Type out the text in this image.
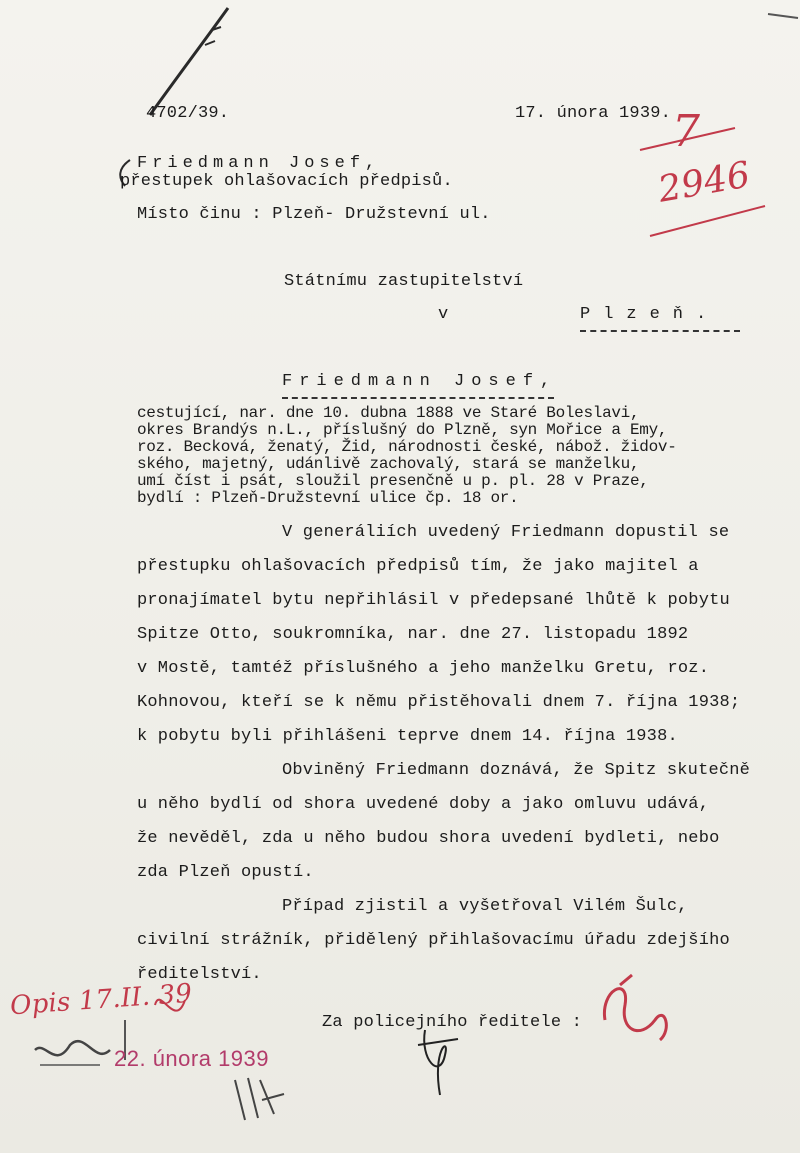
4702/39.	17. února 1939. 7
2946
Friedmann Josef,
přestupek ohlašovacích předpisů.
Místo činu : Plzeň- Družstevní ul.
Státnímu zastupitelství
v	Plzeň.
Friedmann Josef,
cestující, nar. dne 10. dubna 1888 ve Staré Boleslavi,
okres Brandýs n.L., příslušný do Plzně, syn Mořice a Emy,
roz. Becková, ženatý, Žid, národnosti české, nábož. židov-
ského, majetný, udánlivě zachovalý, stará se manželku,
umí číst i psát, sloužil presenčně u p. pl. 28 v Praze,
bydlí : Plzeň-Družstevní ulice čp. 18 or.
V generáliích uvedený Friedmann dopustil se
přestupku ohlašovacích předpisů tím, že jako majitel a
pronajímatel bytu nepřihlásil v předepsané lhůtě k pobytu
Spitze Otto, soukromníka, nar. dne 27. listopadu 1892
v Mostě, tamtéž příslušného a jeho manželku Gretu, roz.
Kohnovou, kteří se k němu přistěhovali dnem 7. října 1938;
k pobytu byli přihlášeni teprve dnem 14. října 1938.
Obviněný Friedmann doznává, že Spitz skutečně
u něho bydlí od shora uvedené doby a jako omluvu udává,
že nevěděl, zda u něho budou shora uvedení bydleti, nebo
zda Plzeň opustí.
Případ zjistil a vyšetřoval Vilém Šulc,
civilní strážník, přidělený přihlašovacímu úřadu zdejšího
ředitelství.
Za policejního ředitele :
Opis 17.II. 39
22. února 1939
